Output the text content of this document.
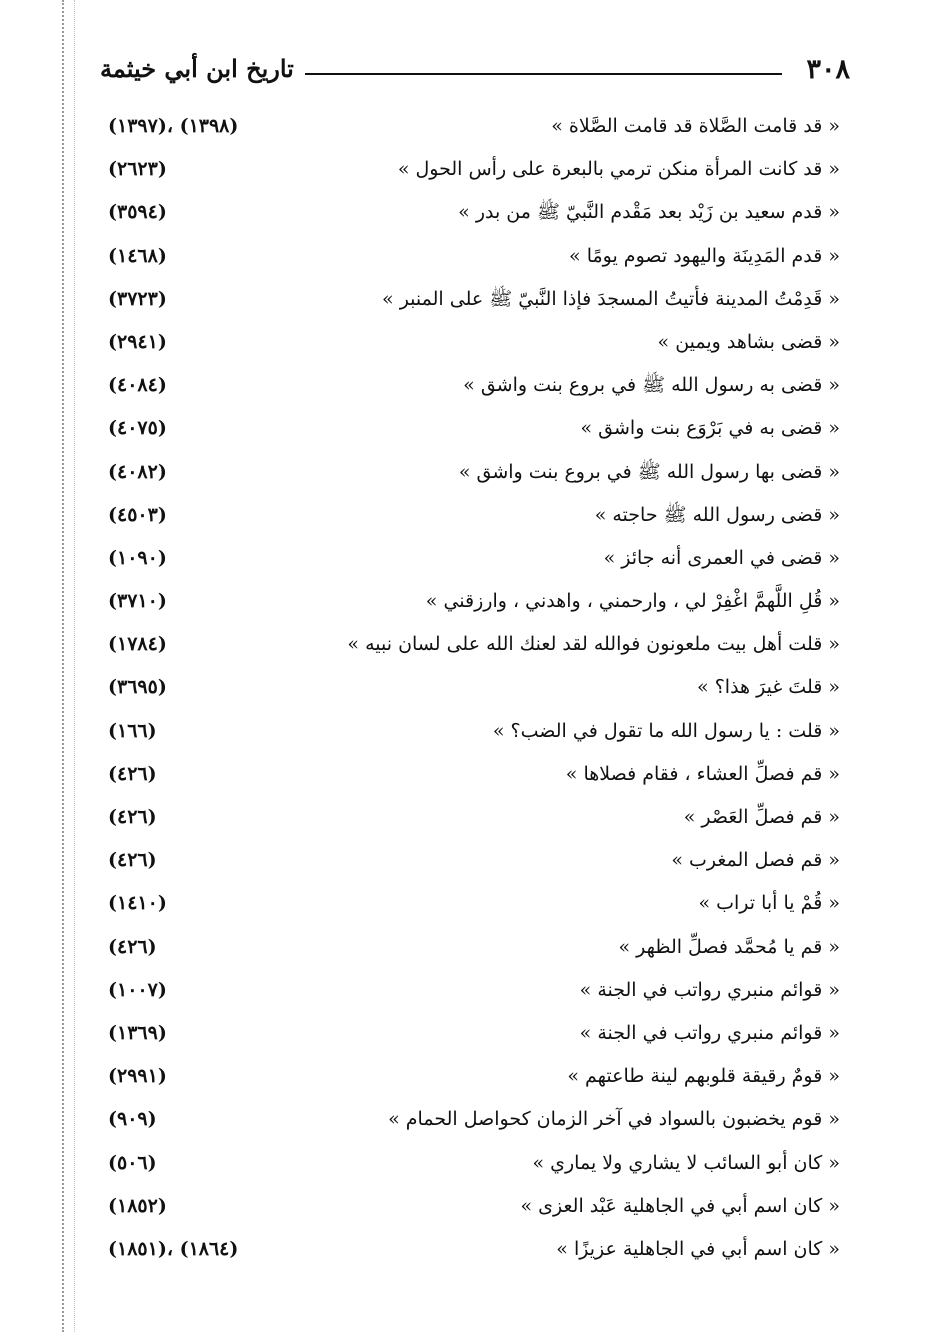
٣٠٨
تاريخ ابن أبي خيثمة
« قد قامت الصَّلاة قد قامت الصَّلاة »
(١٣٩٧)، (١٣٩٨)
« قد كانت المرأة منكن ترمي بالبعرة على رأس الحول »
(٢٦٢٣)
« قدم سعيد بن زَيْد بعد مَقْدم النَّبيّ ﷺ من بدر »
(٣٥٩٤)
« قدم المَدِينَة واليهود تصوم يومًا »
(١٤٦٨)
« قَدِمْتُ المدينة فأتيتُ المسجدَ فإذا النَّبيّ ﷺ على المنبر »
(٣٧٢٣)
« قضى بشاهد ويمين »
(٢٩٤١)
« قضى به رسول الله ﷺ في بروع بنت واشق »
(٤٠٨٤)
« قضى به في بَرْوَع بنت واشق »
(٤٠٧٥)
« قضى بها رسول الله ﷺ في بروع بنت واشق »
(٤٠٨٢)
« قضى رسول الله ﷺ حاجته »
(٤٥٠٣)
« قضى في العمرى أنه جائز »
(١٠٩٠)
« قُلِ اللَّهمَّ اغْفِرْ لي ، وارحمني ، واهدني ، وارزقني »
(٣٧١٠)
« قلت أهل بيت ملعونون فوالله لقد لعنك الله على لسان نبيه »
(١٧٨٤)
« قلتَ غيرَ هذا؟ »
(٣٦٩٥)
« قلت : يا رسول الله ما تقول في الضب؟ »
(١٦٦)
« قم فصلِّ العشاء ، فقام فصلاها »
(٤٢٦)
« قم فصلِّ العَصْر »
(٤٢٦)
« قم فصل المغرب »
(٤٢٦)
« قُمْ يا أبا تراب »
(١٤١٠)
« قم يا مُحمَّد فصلِّ الظهر »
(٤٢٦)
« قوائم منبري رواتب في الجنة »
(١٠٠٧)
« قوائم منبري رواتب في الجنة »
(١٣٦٩)
« قومٌ رقيقة قلوبهم لينة طاعتهم »
(٢٩٩١)
« قوم يخضبون بالسواد في آخر الزمان كحواصل الحمام »
(٩٠٩)
« كان أبو السائب لا يشاري ولا يماري »
(٥٠٦)
« كان اسم أبي في الجاهلية عَبْد العزى »
(١٨٥٢)
« كان اسم أبي في الجاهلية عزيزًا »
(١٨٥١)، (١٨٦٤)
